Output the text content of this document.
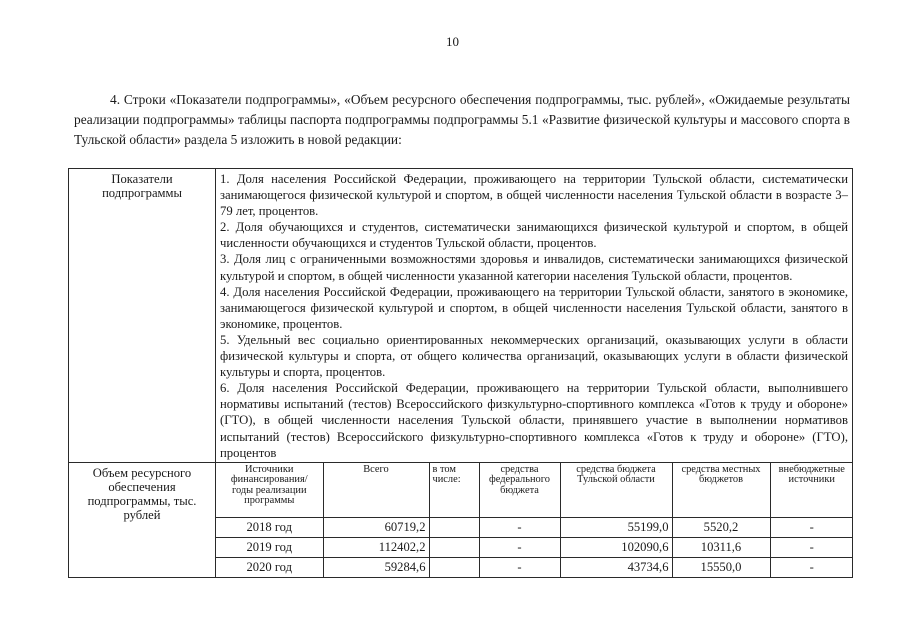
10

4. Строки «Показатели подпрограммы», «Объем ресурсного обеспечения подпрограммы, тыс. рублей», «Ожидаемые результаты реализации подпрограммы» таблицы паспорта подпрограммы подпрограммы 5.1 «Развитие физической культуры и массового спорта в Тульской области» раздела 5 изложить в новой редакции:

Показатели подпрограммы	

1. Доля населения Российской Федерации, проживающего на территории Тульской области, систематически занимающегося физической культурой и спортом, в общей численности населения Тульской области в возрасте 3–79 лет, процентов.

2. Доля обучающихся и студентов, систематически занимающихся физической культурой и спортом, в общей численности обучающихся и студентов Тульской области, процентов.

3. Доля лиц с ограниченными возможностями здоровья и инвалидов, систематически занимающихся физической культурой и спортом, в общей численности указанной категории населения Тульской области, процентов.

4. Доля населения Российской Федерации, проживающего на территории Тульской области, занятого в экономике, занимающегося физической культурой и спортом, в общей численности населения Тульской области, занятого в экономике, процентов.

5. Удельный вес социально ориентированных некоммерческих организаций, оказывающих услуги в области физической культуры и спорта, от общего количества организаций, оказывающих услуги в области физической культуры и спорта, процентов.

6. Доля населения Российской Федерации, проживающего на территории Тульской области, выполнившего нормативы испытаний (тестов) Всероссийского физкультурно-спортивного комплекса «Готов к труду и обороне» (ГТО), в общей численности населения Тульской области, принявшего участие в выполнении нормативов испытаний (тестов) Всероссийского физкультурно-спортивного комплекса «Готов к труду и обороне» (ГТО), процентов

Объем ресурсного обеспечения подпрограммы, тыс. рублей	
Источники финансирования/ годы реализации программы	Всего	в том числе:	средства федерального бюджета	средства бюджета Тульской области	средства местных бюджетов	внебюджетные источники
2018 год	60719,2		-	55199,0	5520,2	-
2019 год	112402,2		-	102090,6	10311,6	-
2020 год	59284,6		-	43734,6	15550,0	-
